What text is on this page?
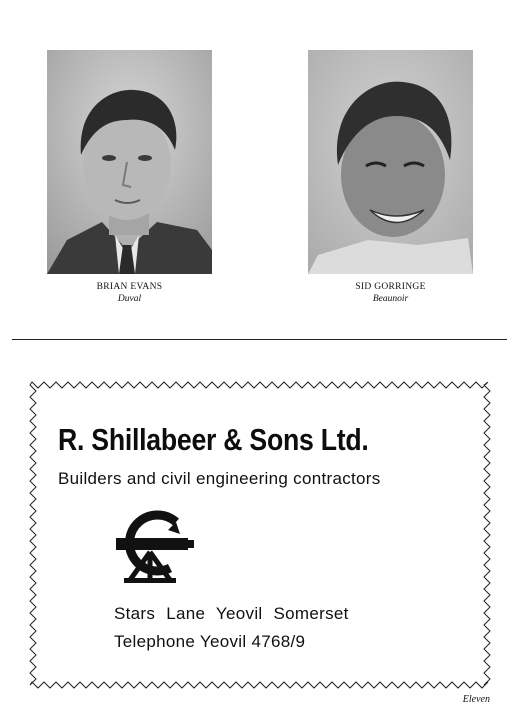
BRIAN EVANS
Duval
SID GORRINGE
Beaunoir
R. Shillabeer & Sons Ltd.
Builders and civil engineering contractors
Stars Lane Yeovil Somerset
Telephone Yeovil 4768/9
Eleven
